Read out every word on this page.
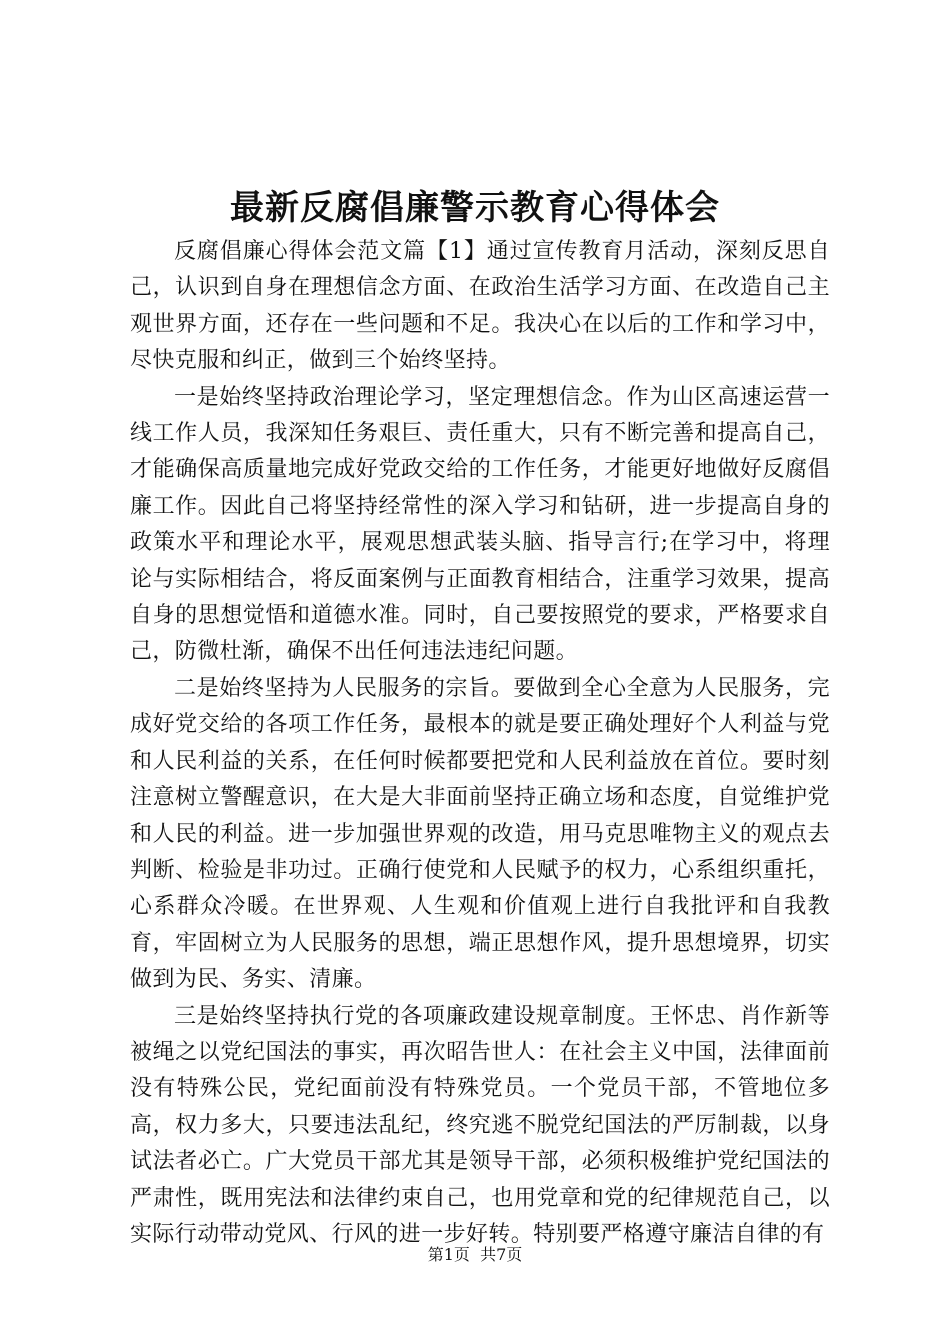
最新反腐倡廉警示教育心得体会

反腐倡廉心得体会范文篇【1】通过宣传教育月活动，深刻反思自己，认识到自身在理想信念方面、在政治生活学习方面、在改造自己主观世界方面，还存在一些问题和不足。我决心在以后的工作和学习中，尽快克服和纠正，做到三个始终坚持。

一是始终坚持政治理论学习，坚定理想信念。作为山区高速运营一线工作人员，我深知任务艰巨、责任重大，只有不断完善和提高自己，才能确保高质量地完成好党政交给的工作任务，才能更好地做好反腐倡廉工作。因此自己将坚持经常性的深入学习和钻研，进一步提高自身的政策水平和理论水平，展观思想武装头脑、指导言行;在学习中，将理论与实际相结合，将反面案例与正面教育相结合，注重学习效果，提高自身的思想觉悟和道德水准。同时，自己要按照党的要求，严格要求自己，防微杜渐，确保不出任何违法违纪问题。

二是始终坚持为人民服务的宗旨。要做到全心全意为人民服务，完成好党交给的各项工作任务，最根本的就是要正确处理好个人利益与党和人民利益的关系，在任何时候都要把党和人民利益放在首位。要时刻注意树立警醒意识，在大是大非面前坚持正确立场和态度，自觉维护党和人民的利益。进一步加强世界观的改造，用马克思唯物主义的观点去判断、检验是非功过。正确行使党和人民赋予的权力，心系组织重托，心系群众冷暖。在世界观、人生观和价值观上进行自我批评和自我教育，牢固树立为人民服务的思想，端正思想作风，提升思想境界，切实做到为民、务实、清廉。

三是始终坚持执行党的各项廉政建设规章制度。王怀忠、肖作新等被绳之以党纪国法的事实，再次昭告世人：在社会主义中国，法律面前没有特殊公民，党纪面前没有特殊党员。一个党员干部，不管地位多高，权力多大，只要违法乱纪，终究逃不脱党纪国法的严厉制裁，以身试法者必亡。广大党员干部尤其是领导干部，必须积极维护党纪国法的严肃性，既用宪法和法律约束自己，也用党章和党的纪律规范自己，以实际行动带动党风、行风的进一步好转。特别要严格遵守廉洁自律的有

第1页 共7页
